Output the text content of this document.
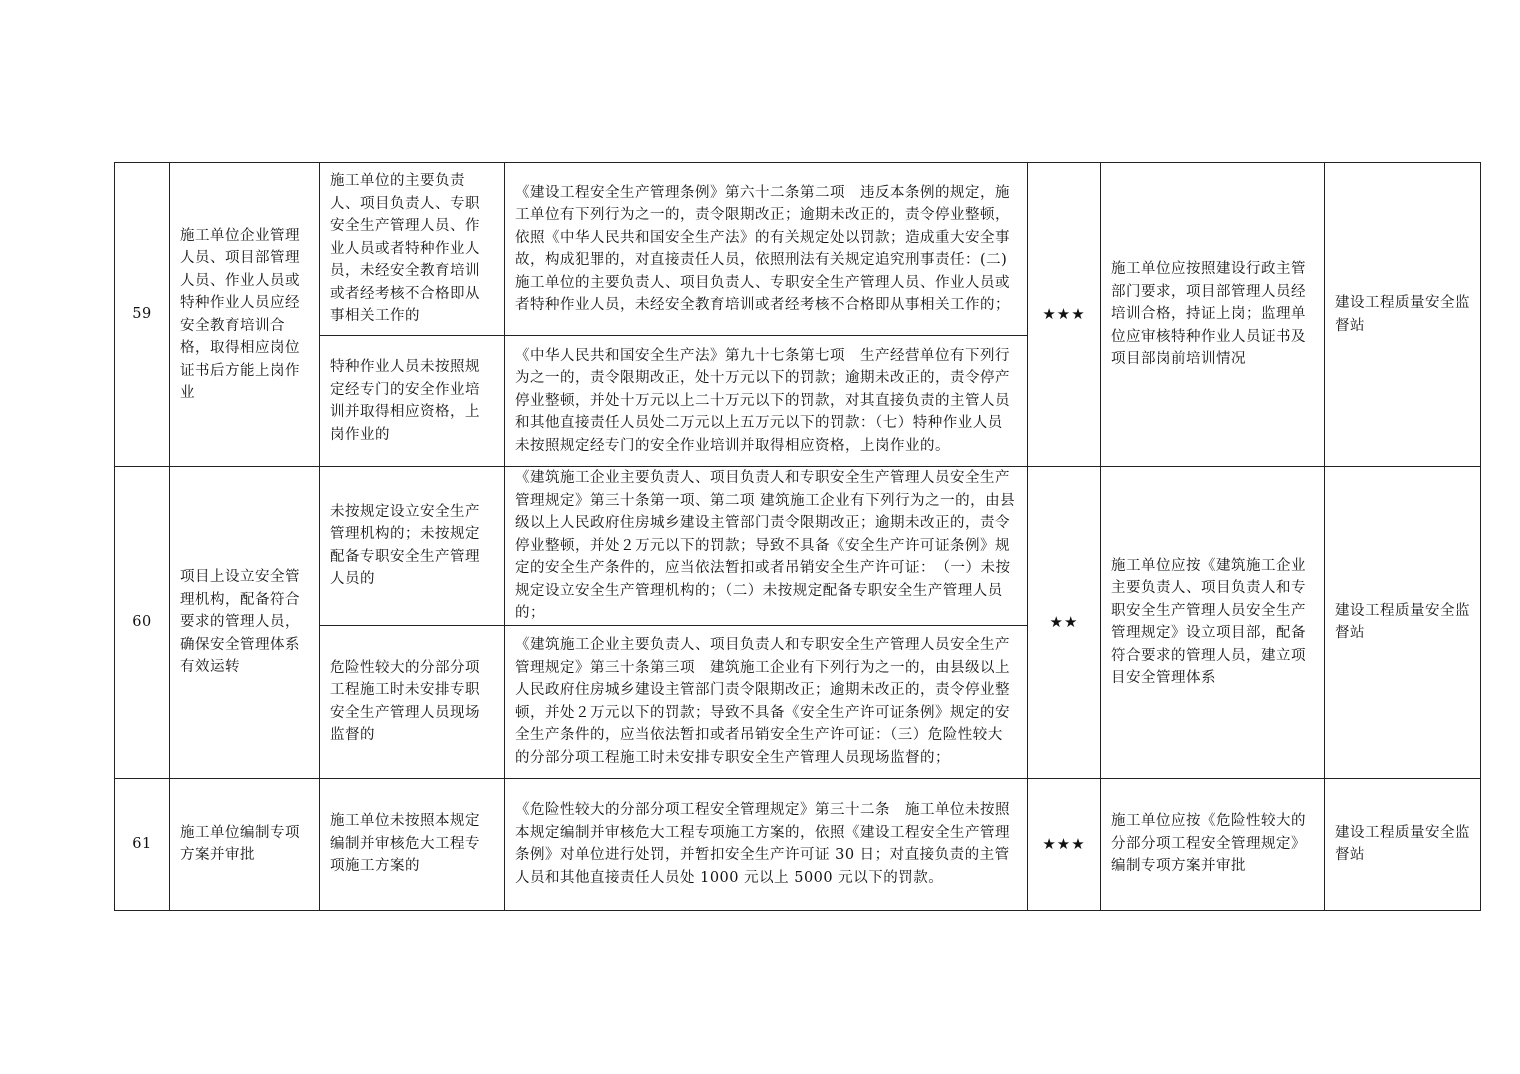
59	施工单位企业管理人员、项目部管理人员、作业人员或特种作业人员应经安全教育培训合格，取得相应岗位证书后方能上岗作业	施工单位的主要负责人、项目负责人、专职安全生产管理人员、作业人员或者特种作业人员，未经安全教育培训或者经考核不合格即从事相关工作的	《建设工程安全生产管理条例》第六十二条第二项　违反本条例的规定，施工单位有下列行为之一的，责令限期改正；逾期未改正的，责令停业整顿，依照《中华人民共和国安全生产法》的有关规定处以罚款；造成重大安全事故，构成犯罪的，对直接责任人员，依照刑法有关规定追究刑事责任：(二)施工单位的主要负责人、项目负责人、专职安全生产管理人员、作业人员或者特种作业人员，未经安全教育培训或者经考核不合格即从事相关工作的；	★★★	施工单位应按照建设行政主管部门要求，项目部管理人员经培训合格，持证上岗；监理单位应审核特种作业人员证书及项目部岗前培训情况	建设工程质量安全监督站
		特种作业人员未按照规定经专门的安全作业培训并取得相应资格，上岗作业的	《中华人民共和国安全生产法》第九十七条第七项　生产经营单位有下列行为之一的，责令限期改正，处十万元以下的罚款；逾期未改正的，责令停产停业整顿，并处十万元以上二十万元以下的罚款，对其直接负责的主管人员和其他直接责任人员处二万元以上五万元以下的罚款：（七）特种作业人员未按照规定经专门的安全作业培训并取得相应资格，上岗作业的。			
60	项目上设立安全管理机构，配备符合要求的管理人员，确保安全管理体系有效运转	未按规定设立安全生产管理机构的；未按规定配备专职安全生产管理人员的	《建筑施工企业主要负责人、项目负责人和专职安全生产管理人员安全生产管理规定》第三十条第一项、第二项 建筑施工企业有下列行为之一的，由县级以上人民政府住房城乡建设主管部门责令限期改正；逾期未改正的，责令停业整顿，并处２万元以下的罚款；导致不具备《安全生产许可证条例》规定的安全生产条件的，应当依法暂扣或者吊销安全生产许可证：　（一）未按规定设立安全生产管理机构的；（二）未按规定配备专职安全生产管理人员的；	★★	施工单位应按《建筑施工企业主要负责人、项目负责人和专职安全生产管理人员安全生产管理规定》设立项目部，配备符合要求的管理人员，建立项目安全管理体系	建设工程质量安全监督站
		危险性较大的分部分项工程施工时未安排专职安全生产管理人员现场监督的	《建筑施工企业主要负责人、项目负责人和专职安全生产管理人员安全生产管理规定》第三十条第三项　建筑施工企业有下列行为之一的，由县级以上人民政府住房城乡建设主管部门责令限期改正；逾期未改正的，责令停业整顿，并处２万元以下的罚款；导致不具备《安全生产许可证条例》规定的安全生产条件的，应当依法暂扣或者吊销安全生产许可证：（三）危险性较大的分部分项工程施工时未安排专职安全生产管理人员现场监督的；			
61	施工单位编制专项方案并审批	施工单位未按照本规定编制并审核危大工程专项施工方案的	《危险性较大的分部分项工程安全管理规定》第三十二条　施工单位未按照本规定编制并审核危大工程专项施工方案的，依照《建设工程安全生产管理条例》对单位进行处罚，并暂扣安全生产许可证 30 日；对直接负责的主管人员和其他直接责任人员处 1000 元以上 5000 元以下的罚款。	★★★	施工单位应按《危险性较大的分部分项工程安全管理规定》编制专项方案并审批	建设工程质量安全监督站
